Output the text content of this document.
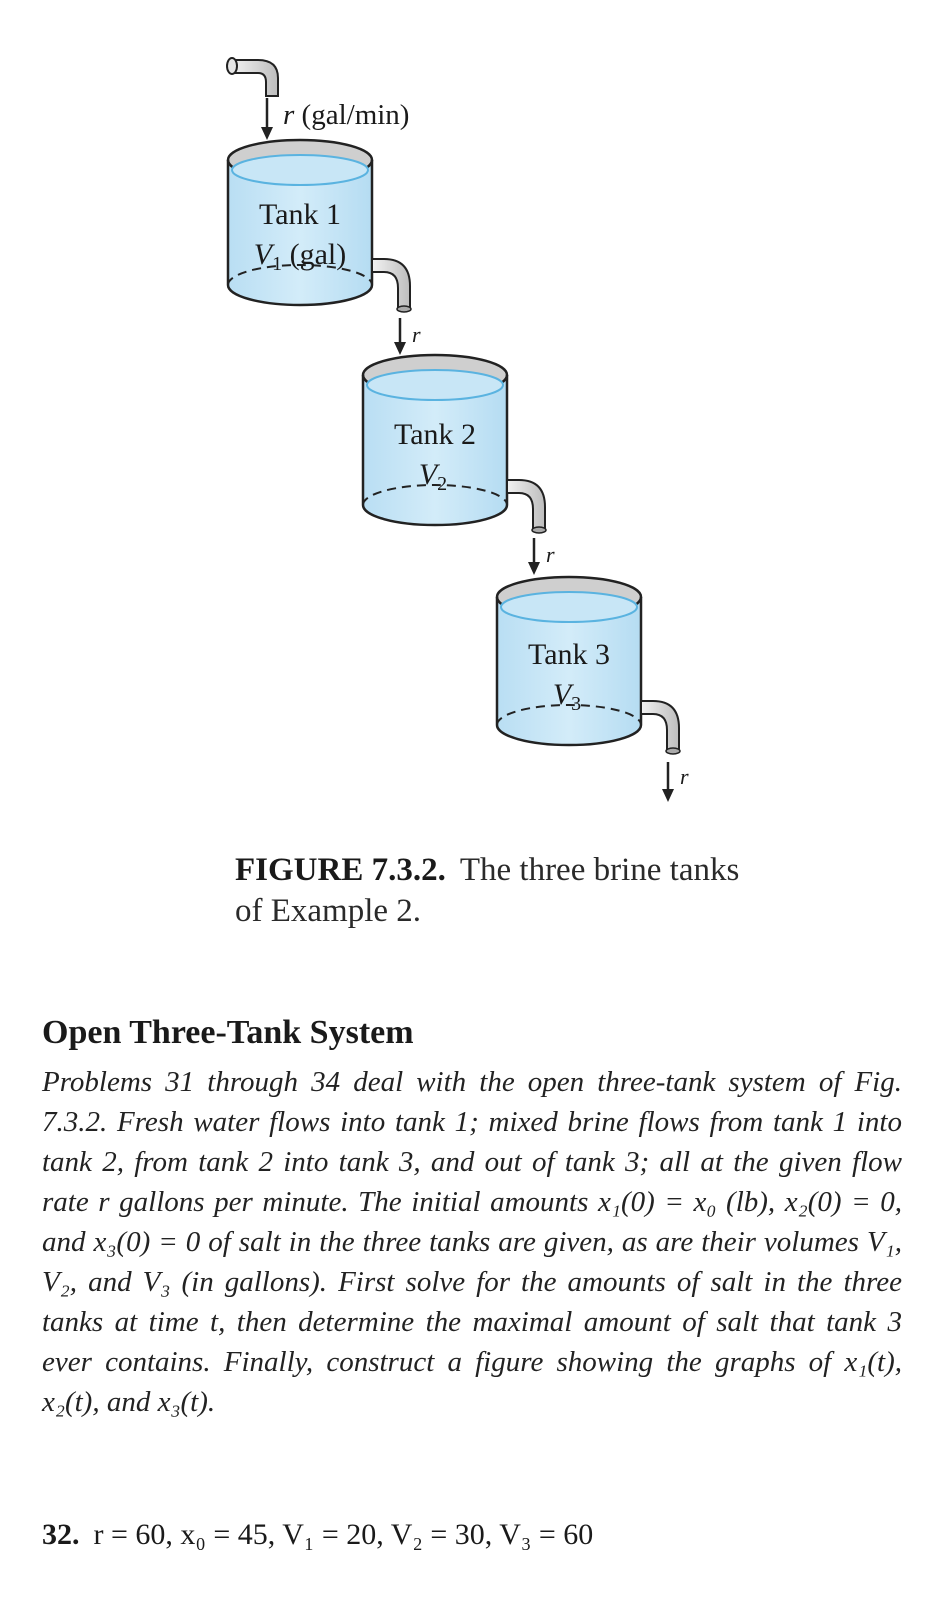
r (gal/min)
Tank 1
$V_1$ (gal)
r
Tank 2
$V_2$
r
Tank 3
$V_3$
r
FIGURE 7.3.2. The three brine tanks of Example 2.
Open Three-Tank System
Problems 31 through 34 deal with the open three-tank system of Fig. 7.3.2. Fresh water flows into tank 1; mixed brine flows from tank 1 into tank 2, from tank 2 into tank 3, and out of tank 3; all at the given flow rate r gallons per minute. The initial amounts x₁(0) = x₀ (lb), x₂(0) = 0, and x₃(0) = 0 of salt in the three tanks are given, as are their volumes V₁, V₂, and V₃ (in gallons). First solve for the amounts of salt in the three tanks at time t, then determine the maximal amount of salt that tank 3 ever contains. Finally, construct a figure showing the graphs of x₁(t), x₂(t), and x₃(t).
32. r = 60, x₀ = 45, V₁ = 20, V₂ = 30, V₃ = 60
